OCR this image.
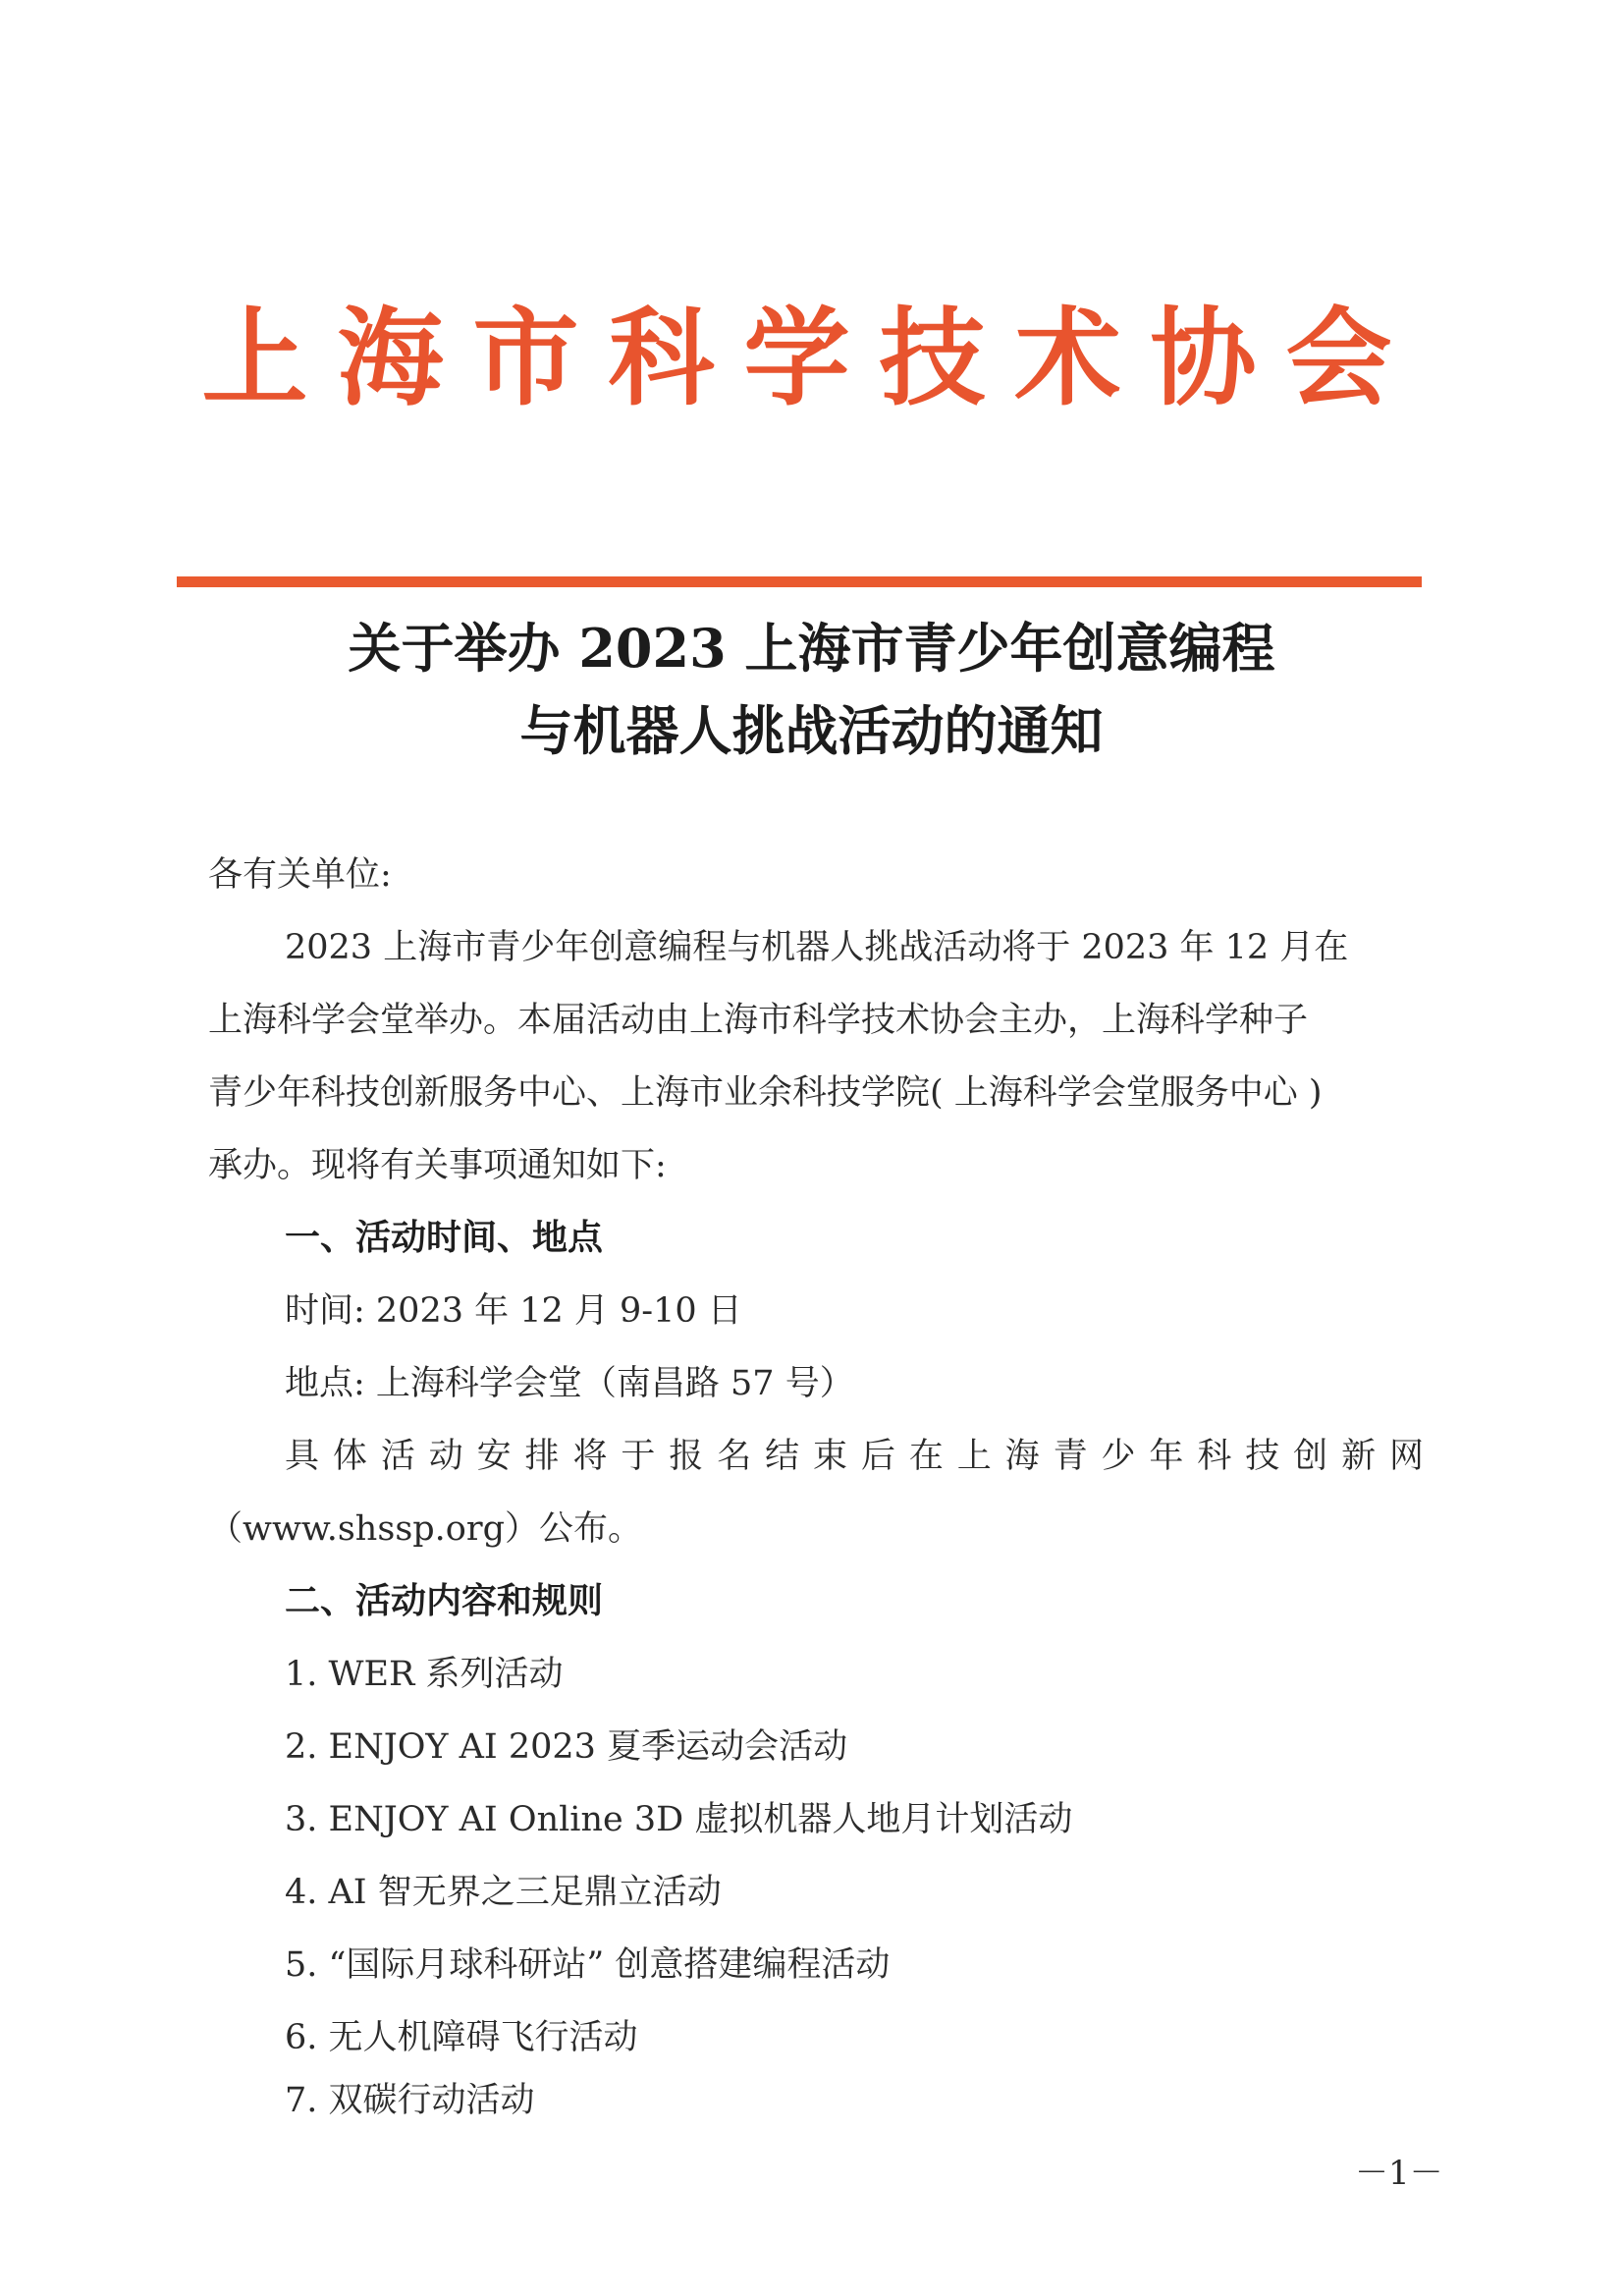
上海市科学技术协会
关于举办 2023 上海市青少年创意编程
与机器人挑战活动的通知
各有关单位:
2023 上海市青少年创意编程与机器人挑战活动将于 2023 年 12 月在
上海科学会堂举办。本届活动由上海市科学技术协会主办，上海科学种子
青少年科技创新服务中心、上海市业余科技学院( 上海科学会堂服务中心 )
承办。现将有关事项通知如下:
一、活动时间、地点
时间: 2023 年 12 月 9-10 日
地点: 上海科学会堂（南昌路 57 号）
具体活动安排将于报名结束后在上海青少年科技创新网
（www.shssp.org）公布。
二、活动内容和规则
1. WER 系列活动
2. ENJOY AI 2023 夏季运动会活动
3. ENJOY AI Online 3D 虚拟机器人地月计划活动
4. AI 智无界之三足鼎立活动
5. “国际月球科研站” 创意搭建编程活动
6. 无人机障碍飞行活动
7. 双碳行动活动
－1－
